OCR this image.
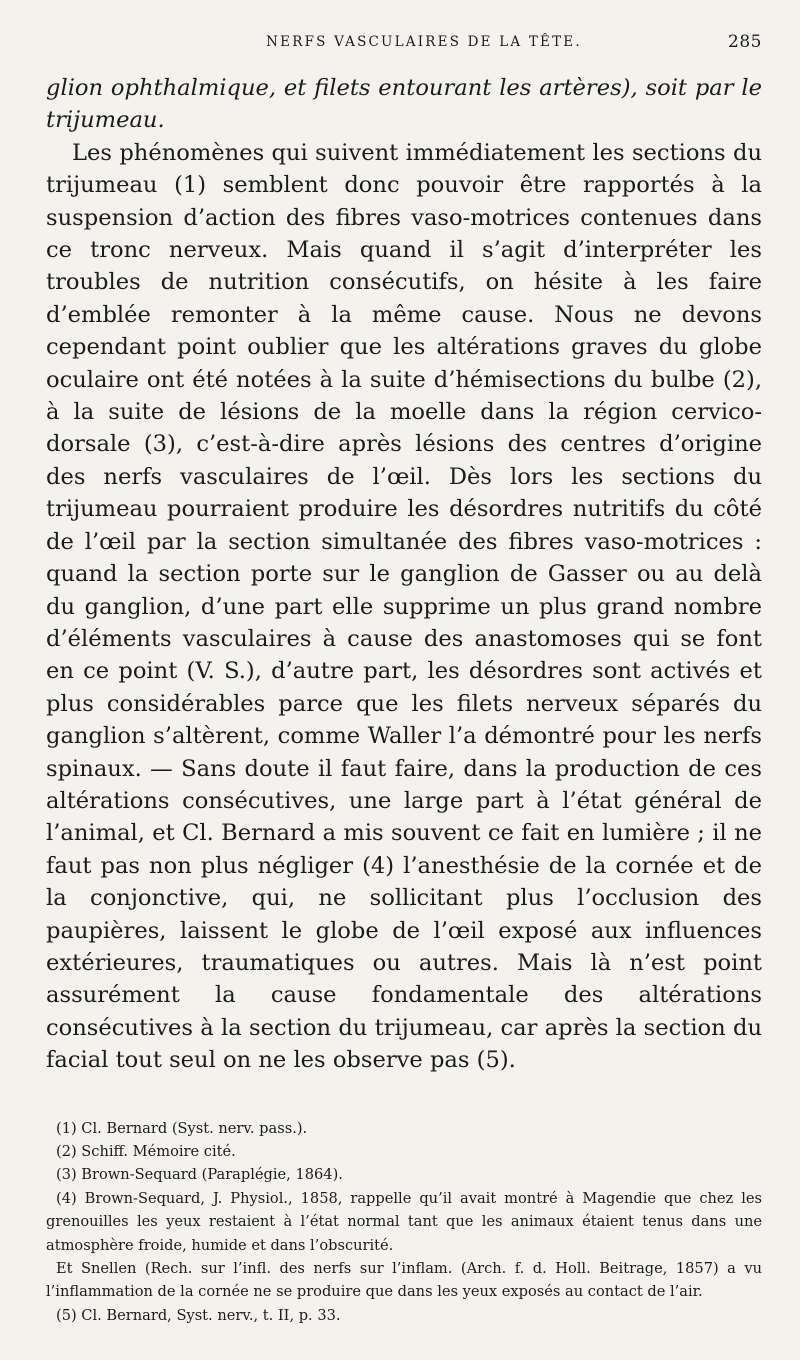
NERFS VASCULAIRES DE LA TÊTE.	285

glion ophthalmique, et filets entourant les artères), soit par le trijumeau.

Les phénomènes qui suivent immédiatement les sections du trijumeau (1) semblent donc pouvoir être rapportés à la suspension d’action des fibres vaso-motrices contenues dans ce tronc nerveux. Mais quand il s’agit d’interpréter les troubles de nutrition consécutifs, on hésite à les faire d’emblée remonter à la même cause. Nous ne devons cependant point oublier que les altérations graves du globe oculaire ont été notées à la suite d’hémisections du bulbe (2), à la suite de lésions de la moelle dans la région cervico-dorsale (3), c’est-à-dire après lésions des centres d’origine des nerfs vasculaires de l’œil. Dès lors les sections du trijumeau pourraient produire les désordres nutritifs du côté de l’œil par la section simultanée des fibres vaso-motrices : quand la section porte sur le ganglion de Gasser ou au delà du ganglion, d’une part elle supprime un plus grand nombre d’éléments vasculaires à cause des anastomoses qui se font en ce point (V. S.), d’autre part, les désordres sont activés et plus considérables parce que les filets nerveux séparés du ganglion s’altèrent, comme Waller l’a démontré pour les nerfs spinaux. — Sans doute il faut faire, dans la production de ces altérations consécutives, une large part à l’état général de l’animal, et Cl. Bernard a mis souvent ce fait en lumière ; il ne faut pas non plus négliger (4) l’anesthésie de la cornée et de la conjonctive, qui, ne sollicitant plus l’occlusion des paupières, laissent le globe de l’œil exposé aux influences extérieures, traumatiques ou autres. Mais là n’est point assurément la cause fondamentale des altérations consécutives à la section du trijumeau, car après la section du facial tout seul on ne les observe pas (5).

(1) Cl. Bernard (Syst. nerv. pass.).

(2) Schiff. Mémoire cité.

(3) Brown-Sequard (Paraplégie, 1864).

(4) Brown-Sequard, J. Physiol., 1858, rappelle qu’il avait montré à Magendie que chez les grenouilles les yeux restaient à l’état normal tant que les animaux étaient tenus dans une atmosphère froide, humide et dans l’obscurité.

Et Snellen (Rech. sur l’infl. des nerfs sur l’inflam. (Arch. f. d. Holl. Beitrage, 1857) a vu l’inflammation de la cornée ne se produire que dans les yeux exposés au contact de l’air.

(5) Cl. Bernard, Syst. nerv., t. II, p. 33.
